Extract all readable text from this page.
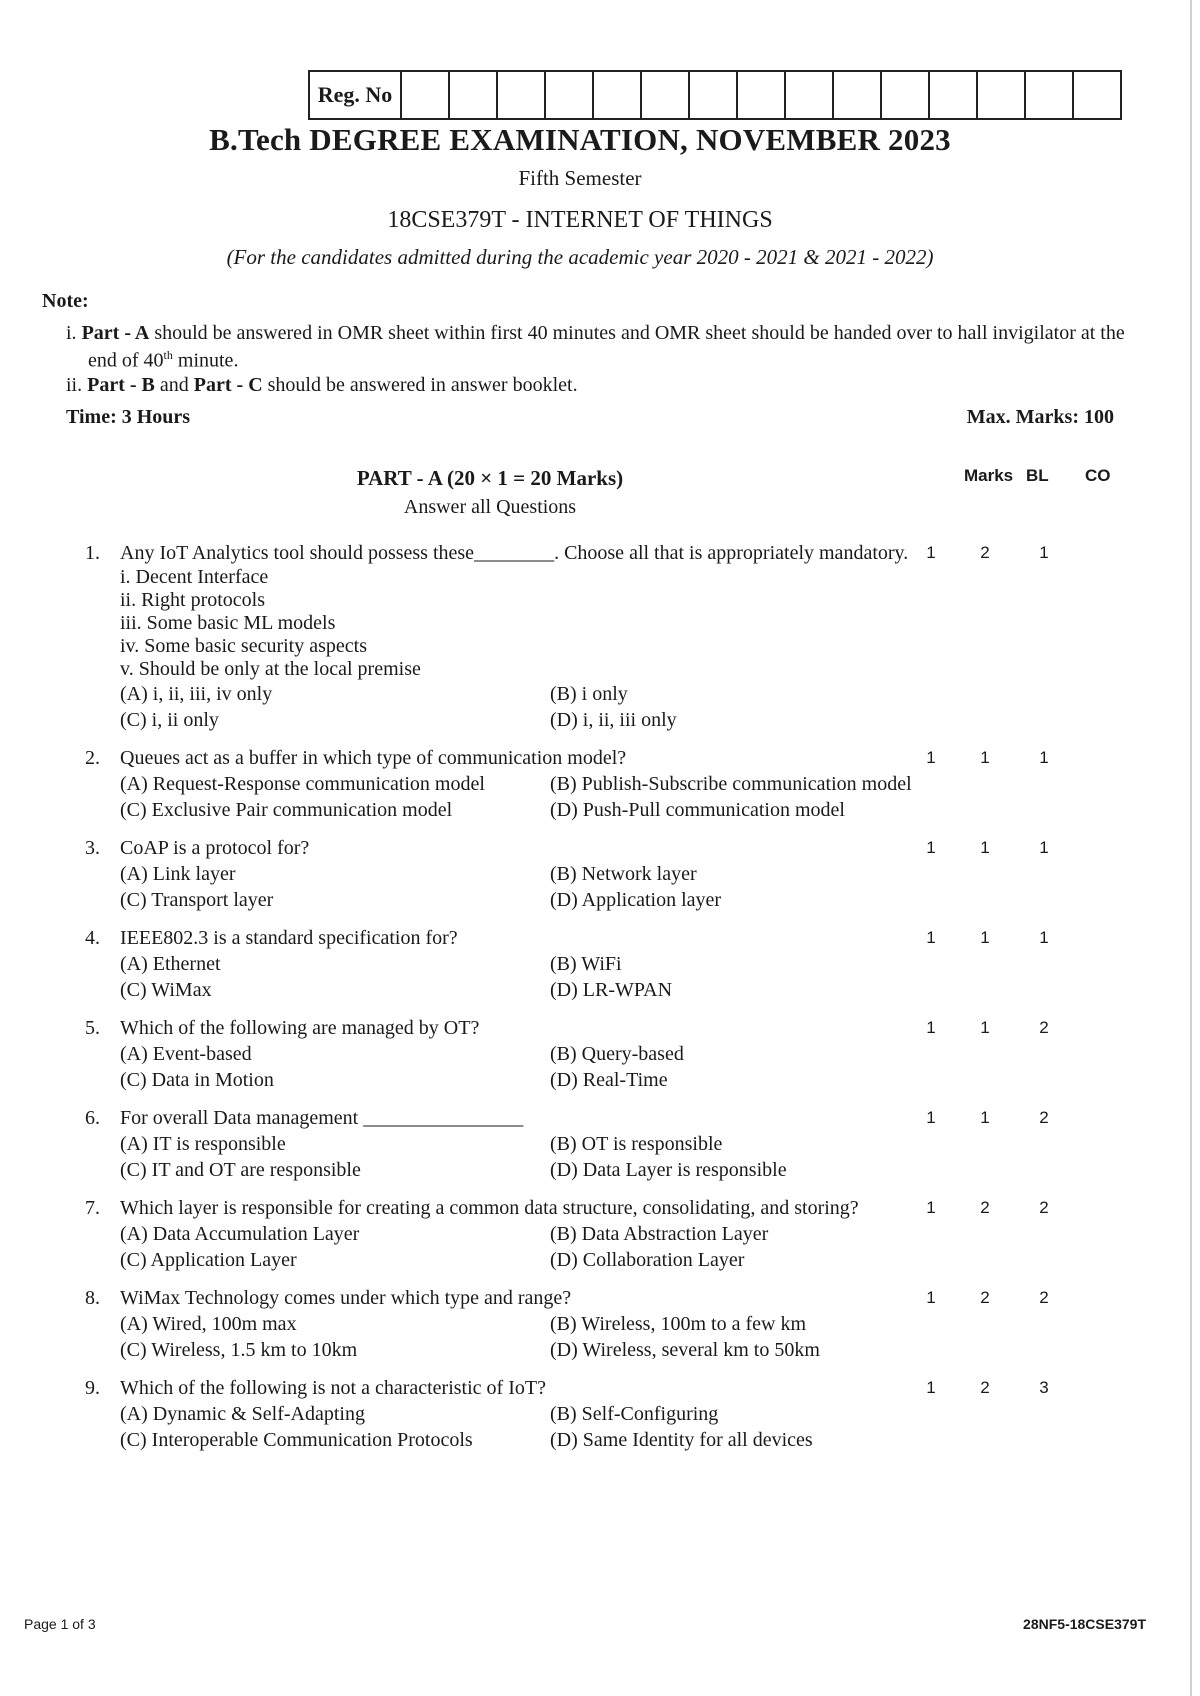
Reg. No
B.Tech DEGREE EXAMINATION, NOVEMBER 2023
Fifth Semester
18CSE379T - INTERNET OF THINGS
(For the candidates admitted during the academic year 2020 - 2021 & 2021 - 2022)
Note:
i. Part - A should be answered in OMR sheet within first 40 minutes and OMR sheet should be handed over to hall invigilator at the end of 40th minute.
ii. Part - B and Part - C should be answered in answer booklet.
Time: 3 Hours	Max. Marks: 100
PART - A (20 × 1 = 20 Marks)
Answer all Questions
Marks BL CO
1. Any IoT Analytics tool should possess these________. Choose all that is appropriately mandatory.
i. Decent Interface
ii. Right protocols
iii. Some basic ML models
iv. Some basic security aspects
v. Should be only at the local premise
(A) i, ii, iii, iv only	(B) i only
(C) i, ii only	(D) i, ii, iii only
1	2	1
2. Queues act as a buffer in which type of communication model?
(A) Request-Response communication model	(B) Publish-Subscribe communication model
(C) Exclusive Pair communication model	(D) Push-Pull communication model
1	1	1
3. CoAP is a protocol for?
(A) Link layer	(B) Network layer
(C) Transport layer	(D) Application layer
1	1	1
4. IEEE802.3 is a standard specification for?
(A) Ethernet	(B) WiFi
(C) WiMax	(D) LR-WPAN
1	1	1
5. Which of the following are managed by OT?
(A) Event-based	(B) Query-based
(C) Data in Motion	(D) Real-Time
1	1	2
6. For overall Data management ________________
(A) IT is responsible	(B) OT is responsible
(C) IT and OT are responsible	(D) Data Layer is responsible
1	1	2
7. Which layer is responsible for creating a common data structure, consolidating, and storing?
(A) Data Accumulation Layer	(B) Data Abstraction Layer
(C) Application Layer	(D) Collaboration Layer
1	2	2
8. WiMax Technology comes under which type and range?
(A) Wired, 100m max	(B) Wireless, 100m to a few km
(C) Wireless, 1.5 km to 10km	(D) Wireless, several km to 50km
1	2	2
9. Which of the following is not a characteristic of IoT?
(A) Dynamic & Self-Adapting	(B) Self-Configuring
(C) Interoperable Communication Protocols	(D) Same Identity for all devices
1	2	3
Page 1 of 3	28NF5-18CSE379T
